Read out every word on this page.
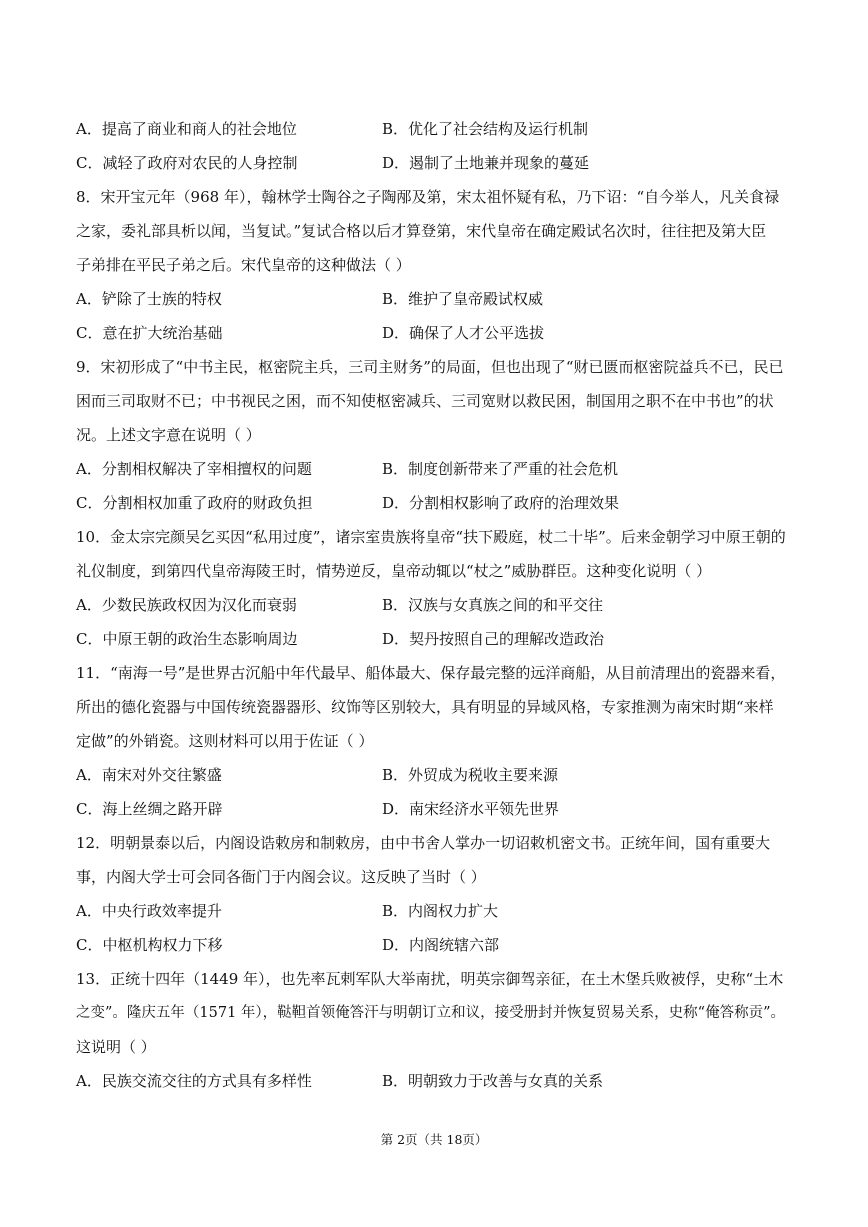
A．提高了商业和商人的社会地位	B．优化了社会结构及运行机制
C．减轻了政府对农民的人身控制	D．遏制了土地兼并现象的蔓延
8．宋开宝元年（968 年），翰林学士陶谷之子陶邴及第，宋太祖怀疑有私，乃下诏：“自今举人，凡关食禄
之家，委礼部具析以闻，当复试。”复试合格以后才算登第，宋代皇帝在确定殿试名次时，往往把及第大臣
子弟排在平民子弟之后。宋代皇帝的这种做法（ ）
A．铲除了士族的特权	B．维护了皇帝殿试权威
C．意在扩大统治基础	D．确保了人才公平选拔
9．宋初形成了“中书主民，枢密院主兵，三司主财务”的局面，但也出现了“财已匮而枢密院益兵不已，民已
困而三司取财不已；中书视民之困，而不知使枢密减兵、三司宽财以救民困，制国用之职不在中书也”的状
况。上述文字意在说明（ ）
A．分割相权解决了宰相擅权的问题	B．制度创新带来了严重的社会危机
C．分割相权加重了政府的财政负担	D．分割相权影响了政府的治理效果
10．金太宗完颜吴乞买因“私用过度”，诸宗室贵族将皇帝“扶下殿庭，杖二十毕”。后来金朝学习中原王朝的
礼仪制度，到第四代皇帝海陵王时，情势逆反，皇帝动辄以“杖之”威胁群臣。这种变化说明（ ）
A．少数民族政权因为汉化而衰弱	B．汉族与女真族之间的和平交往
C．中原王朝的政治生态影响周边	D．契丹按照自己的理解改造政治
11．“南海一号”是世界古沉船中年代最早、船体最大、保存最完整的远洋商船，从目前清理出的瓷器来看，
所出的德化瓷器与中国传统瓷器器形、纹饰等区别较大，具有明显的异域风格，专家推测为南宋时期“来样
定做”的外销瓷。这则材料可以用于佐证（ ）
A．南宋对外交往繁盛	B．外贸成为税收主要来源
C．海上丝绸之路开辟	D．南宋经济水平领先世界
12．明朝景泰以后，内阁设诰敕房和制敕房，由中书舍人掌办一切诏敕机密文书。正统年间，国有重要大
事，内阁大学士可会同各衙门于内阁会议。这反映了当时（ ）
A．中央行政效率提升	B．内阁权力扩大
C．中枢机构权力下移	D．内阁统辖六部
13．正统十四年（1449 年），也先率瓦剌军队大举南扰，明英宗御驾亲征，在土木堡兵败被俘，史称“土木
之变”。隆庆五年（1571 年），鞑靼首领俺答汗与明朝订立和议，接受册封并恢复贸易关系，史称“俺答称贡”。
这说明（ ）
A．民族交流交往的方式具有多样性	B．明朝致力于改善与女真的关系
第 2页（共 18页）
